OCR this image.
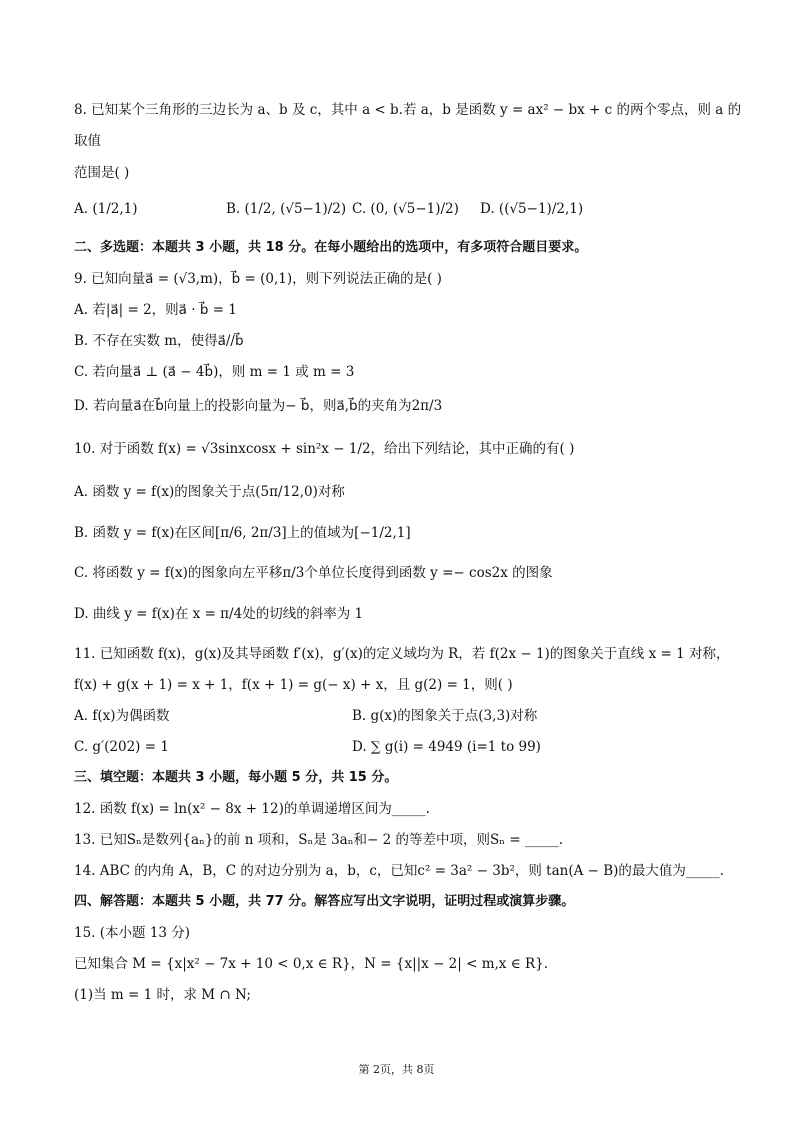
8. 已知某个三角形的三边长为 a、b 及 c，其中 a < b.若 a，b 是函数 y = ax² − bx + c 的两个零点，则 a 的
取值
范围是( )
A. (1/2,1)	B. (1/2, (√5−1)/2) C. (0, (√5−1)/2) D. ((√5−1)/2,1)
二、多选题：本题共 3 小题，共 18 分。在每小题给出的选项中，有多项符合题目要求。
9. 已知向量a⃗ = (√3,m)，b⃗ = (0,1)，则下列说法正确的是( )
A. 若|a⃗| = 2，则a⃗ · b⃗ = 1
B. 不存在实数 m，使得a⃗//b⃗
C. 若向量a⃗ ⊥ (a⃗ − 4b⃗)，则 m = 1 或 m = 3
D. 若向量a⃗在b⃗向量上的投影向量为− b⃗，则a⃗,b⃗的夹角为2π/3
10. 对于函数 f(x) = √3sinxcosx + sin²x − 1/2，给出下列结论，其中正确的有( )
A. 函数 y = f(x)的图象关于点(5π/12,0)对称
B. 函数 y = f(x)在区间[π/6, 2π/3]上的值域为[−1/2,1]
C. 将函数 y = f(x)的图象向左平移π/3个单位长度得到函数 y =− cos2x 的图象
D. 曲线 y = f(x)在 x = π/4处的切线的斜率为 1
11. 已知函数 f(x)，g(x)及其导函数 f′(x)，g′(x)的定义域均为 R，若 f(2x − 1)的图象关于直线 x = 1 对称，
f(x) + g(x + 1) = x + 1，f(x + 1) = g(− x) + x，且 g(2) = 1，则( )
A. f(x)为偶函数	B. g(x)的图象关于点(3,3)对称
C. g′(202) = 1	D. ∑ g(i) = 4949 (i=1 to 99)
三、填空题：本题共 3 小题，每小题 5 分，共 15 分。
12. 函数 f(x) = ln(x² − 8x + 12)的单调递增区间为_____.
13. 已知Sₙ是数列{aₙ}的前 n 项和，Sₙ是 3aₙ和− 2 的等差中项，则Sₙ = _____.
14. ABC 的内角 A，B，C 的对边分别为 a，b，c，已知c² = 3a² − 3b²，则 tan(A − B)的最大值为_____.
四、解答题：本题共 5 小题，共 77 分。解答应写出文字说明，证明过程或演算步骤。
15. (本小题 13 分)
已知集合 M = {x|x² − 7x + 10 < 0,x ∈ R}，N = {x||x − 2| < m,x ∈ R}.
(1)当 m = 1 时，求 M ∩ N;
第 2页，共 8页
